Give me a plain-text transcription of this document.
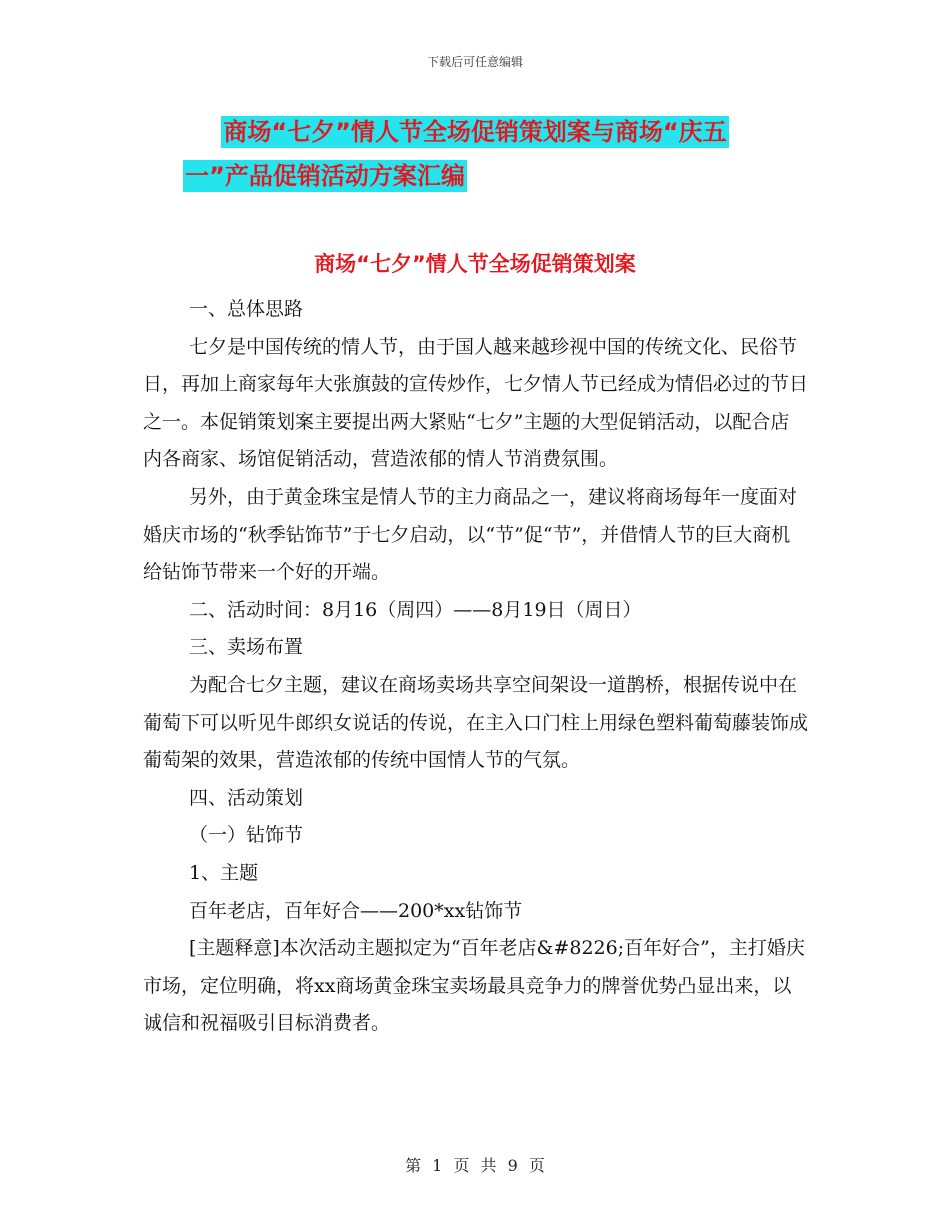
下载后可任意编辑
商场“七夕”情人节全场促销策划案与商场“庆五
一”产品促销活动方案汇编
商场“七夕”情人节全场促销策划案

一、总体思路

七夕是中国传统的情人节，由于国人越来越珍视中国的传统文化、民俗节日，再加上商家每年大张旗鼓的宣传炒作，七夕情人节已经成为情侣必过的节日之一。本促销策划案主要提出两大紧贴“七夕”主题的大型促销活动，以配合店内各商家、场馆促销活动，营造浓郁的情人节消费氛围。

另外，由于黄金珠宝是情人节的主力商品之一，建议将商场每年一度面对婚庆市场的“秋季钻饰节”于七夕启动，以“节”促“节”，并借情人节的巨大商机给钻饰节带来一个好的开端。

二、活动时间：8月16（周四）——8月19日（周日）

三、卖场布置

为配合七夕主题，建议在商场卖场共享空间架设一道鹊桥，根据传说中在葡萄下可以听见牛郎织女说话的传说，在主入口门柱上用绿色塑料葡萄藤装饰成葡萄架的效果，营造浓郁的传统中国情人节的气氛。

四、活动策划

（一）钻饰节

1、主题

百年老店，百年好合——200*xx钻饰节

[主题释意]本次活动主题拟定为“百年老店&#8226;百年好合”，主打婚庆市场，定位明确，将xx商场黄金珠宝卖场最具竞争力的牌誉优势凸显出来，以诚信和祝福吸引目标消费者。

第 1 页 共 9 页
